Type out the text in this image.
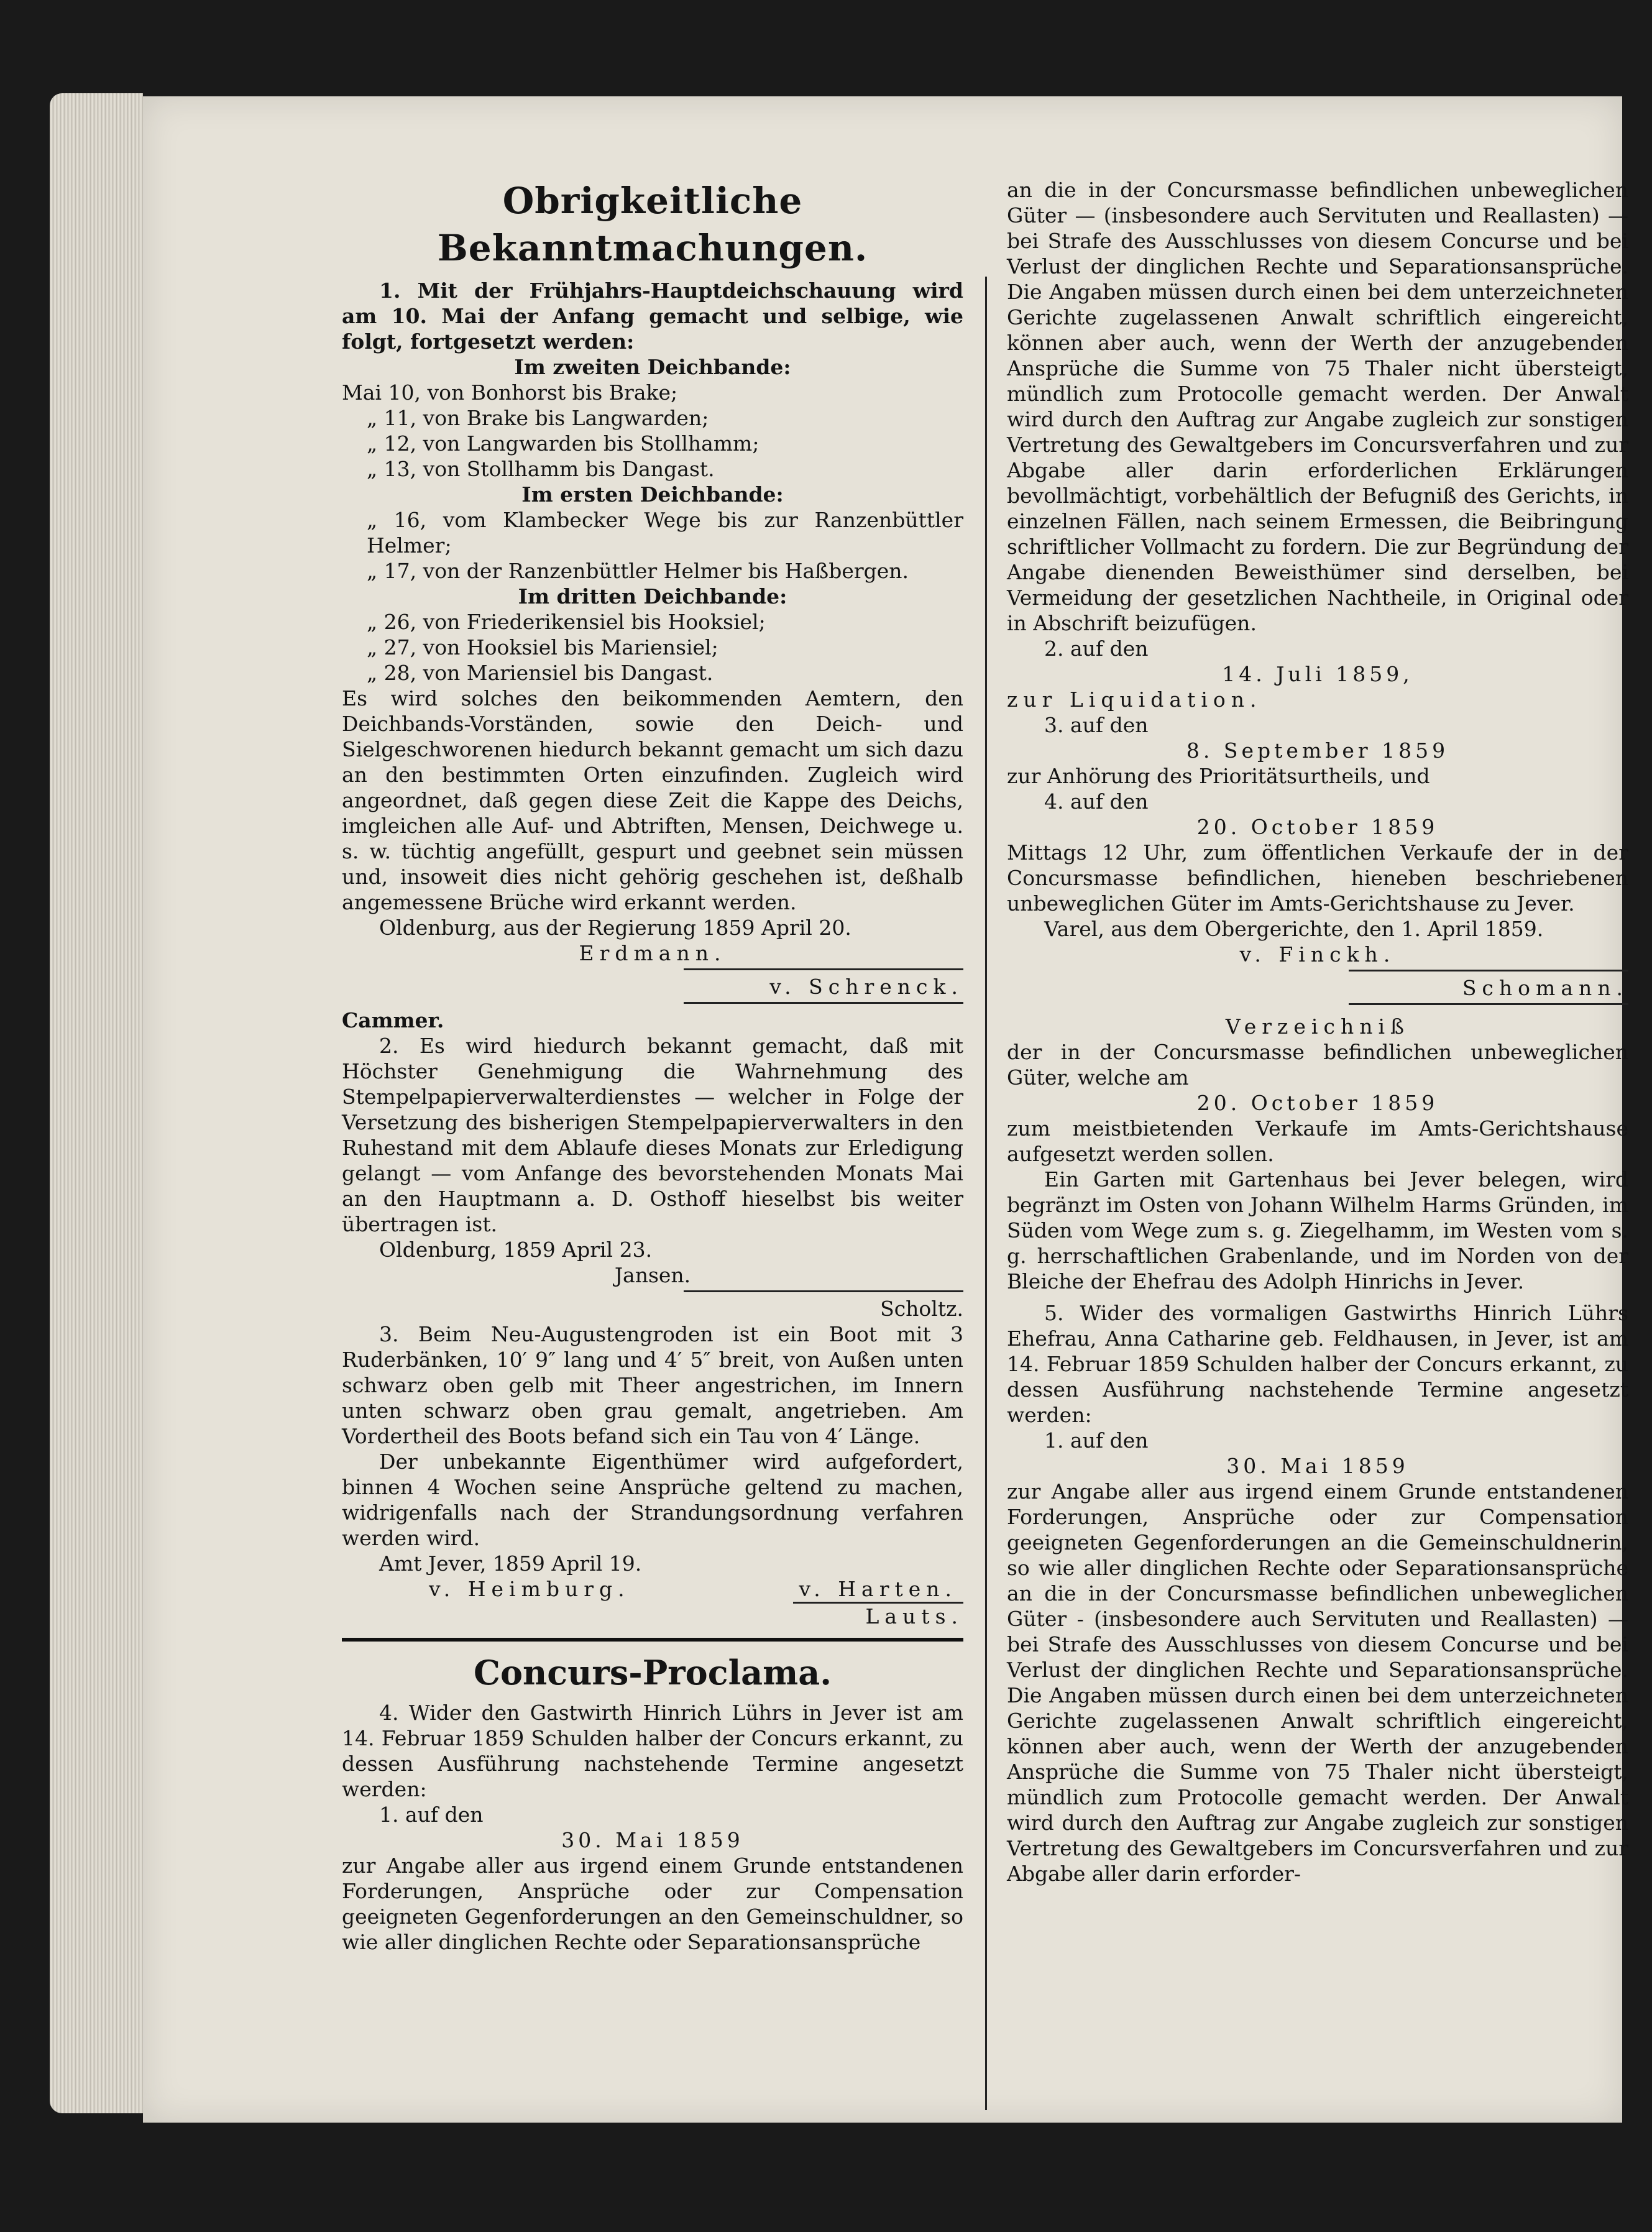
Obrigkeitliche Bekanntmachungen.

1. Mit der Frühjahrs-Hauptdeichschauung wird am 10. Mai der Anfang gemacht und selbige, wie folgt, fortgesetzt werden:

Im zweiten Deichbande:

Mai 10, von Bonhorst bis Brake;

„ 11, von Brake bis Langwarden;

„ 12, von Langwarden bis Stollhamm;

„ 13, von Stollhamm bis Dangast.

Im ersten Deichbande:

„ 16, vom Klambecker Wege bis zur Ranzenbüttler Helmer;

„ 17, von der Ranzenbüttler Helmer bis Haßbergen.

Im dritten Deichbande:

„ 26, von Friederikensiel bis Hooksiel;

„ 27, von Hooksiel bis Mariensiel;

„ 28, von Mariensiel bis Dangast.

Es wird solches den beikommenden Aemtern, den Deichbands-Vorständen, sowie den Deich- und Sielgeschworenen hiedurch bekannt gemacht um sich dazu an den bestimmten Orten einzufinden. Zugleich wird angeordnet, daß gegen diese Zeit die Kappe des Deichs, imgleichen alle Auf- und Abtriften, Mensen, Deichwege u. s. w. tüchtig angefüllt, gespurt und geebnet sein müssen und, insoweit dies nicht gehörig geschehen ist, deßhalb angemessene Brüche wird erkannt werden.

Oldenburg, aus der Regierung 1859 April 20.

Erdmann.

v. Schrenck.

Cammer.

2. Es wird hiedurch bekannt gemacht, daß mit Höchster Genehmigung die Wahrnehmung des Stempelpapierverwalterdienstes — welcher in Folge der Versetzung des bisherigen Stempelpapierverwalters in den Ruhestand mit dem Ablaufe dieses Monats zur Erledigung gelangt — vom Anfange des bevorstehenden Monats Mai an den Hauptmann a. D. Osthoff hieselbst bis weiter übertragen ist.

Oldenburg, 1859 April 23.

Jansen.

Scholtz.

3. Beim Neu-Augustengroden ist ein Boot mit 3 Ruderbänken, 10′ 9″ lang und 4′ 5″ breit, von Außen unten schwarz oben gelb mit Theer angestrichen, im Innern unten schwarz oben grau gemalt, angetrieben. Am Vordertheil des Boots befand sich ein Tau von 4′ Länge.

Der unbekannte Eigenthümer wird aufgefordert, binnen 4 Wochen seine Ansprüche geltend zu machen, widrigenfalls nach der Strandungsordnung verfahren werden wird.

Amt Jever, 1859 April 19.

v. Heimburg.	v. Harten.

Lauts.

Concurs-Proclama.

4. Wider den Gastwirth Hinrich Lührs in Jever ist am 14. Februar 1859 Schulden halber der Concurs erkannt, zu dessen Ausführung nachstehende Termine angesetzt werden:

1. auf den

30. Mai 1859

zur Angabe aller aus irgend einem Grunde entstandenen Forderungen, Ansprüche oder zur Compensation geeigneten Gegenforderungen an den Gemeinschuldner, so wie aller dinglichen Rechte oder Separationsansprüche

an die in der Concursmasse befindlichen unbeweglichen Güter — (insbesondere auch Servituten und Reallasten) — bei Strafe des Ausschlusses von diesem Concurse und bei Verlust der dinglichen Rechte und Separationsansprüche. Die Angaben müssen durch einen bei dem unterzeichneten Gerichte zugelassenen Anwalt schriftlich eingereicht, können aber auch, wenn der Werth der anzugebenden Ansprüche die Summe von 75 Thaler nicht übersteigt, mündlich zum Protocolle gemacht werden. Der Anwalt wird durch den Auftrag zur Angabe zugleich zur sonstigen Vertretung des Gewaltgebers im Concursverfahren und zur Abgabe aller darin erforderlichen Erklärungen bevollmächtigt, vorbehältlich der Befugniß des Gerichts, in einzelnen Fällen, nach seinem Ermessen, die Beibringung schriftlicher Vollmacht zu fordern. Die zur Begründung der Angabe dienenden Beweisthümer sind derselben, bei Vermeidung der gesetzlichen Nachtheile, in Original oder in Abschrift beizufügen.

2. auf den

14. Juli 1859,

zur Liquidation.

3. auf den

8. September 1859

zur Anhörung des Prioritätsurtheils, und

4. auf den

20. October 1859

Mittags 12 Uhr, zum öffentlichen Verkaufe der in der Concursmasse befindlichen, hieneben beschriebenen unbeweglichen Güter im Amts-Gerichtshause zu Jever.

Varel, aus dem Obergerichte, den 1. April 1859.

v. Finckh.

Schomann.

Verzeichniß

der in der Concursmasse befindlichen unbeweglichen Güter, welche am

20. October 1859

zum meistbietenden Verkaufe im Amts-Gerichtshause aufgesetzt werden sollen.

Ein Garten mit Gartenhaus bei Jever belegen, wird begränzt im Osten von Johann Wilhelm Harms Gründen, im Süden vom Wege zum s. g. Ziegelhamm, im Westen vom s. g. herrschaftlichen Grabenlande, und im Norden von der Bleiche der Ehefrau des Adolph Hinrichs in Jever.

5. Wider des vormaligen Gastwirths Hinrich Lührs Ehefrau, Anna Catharine geb. Feldhausen, in Jever, ist am 14. Februar 1859 Schulden halber der Concurs erkannt, zu dessen Ausführung nachstehende Termine angesetzt werden:

1. auf den

30. Mai 1859

zur Angabe aller aus irgend einem Grunde entstandenen Forderungen, Ansprüche oder zur Compensation geeigneten Gegenforderungen an die Gemeinschuldnerin, so wie aller dinglichen Rechte oder Separationsansprüche an die in der Concursmasse befindlichen unbeweglichen Güter - (insbesondere auch Servituten und Reallasten) — bei Strafe des Ausschlusses von diesem Concurse und bei Verlust der dinglichen Rechte und Separationsansprüche. Die Angaben müssen durch einen bei dem unterzeichneten Gerichte zugelassenen Anwalt schriftlich eingereicht, können aber auch, wenn der Werth der anzugebenden Ansprüche die Summe von 75 Thaler nicht übersteigt, mündlich zum Protocolle gemacht werden. Der Anwalt wird durch den Auftrag zur Angabe zugleich zur sonstigen Vertretung des Gewaltgebers im Concursverfahren und zur Abgabe aller darin erforder-
